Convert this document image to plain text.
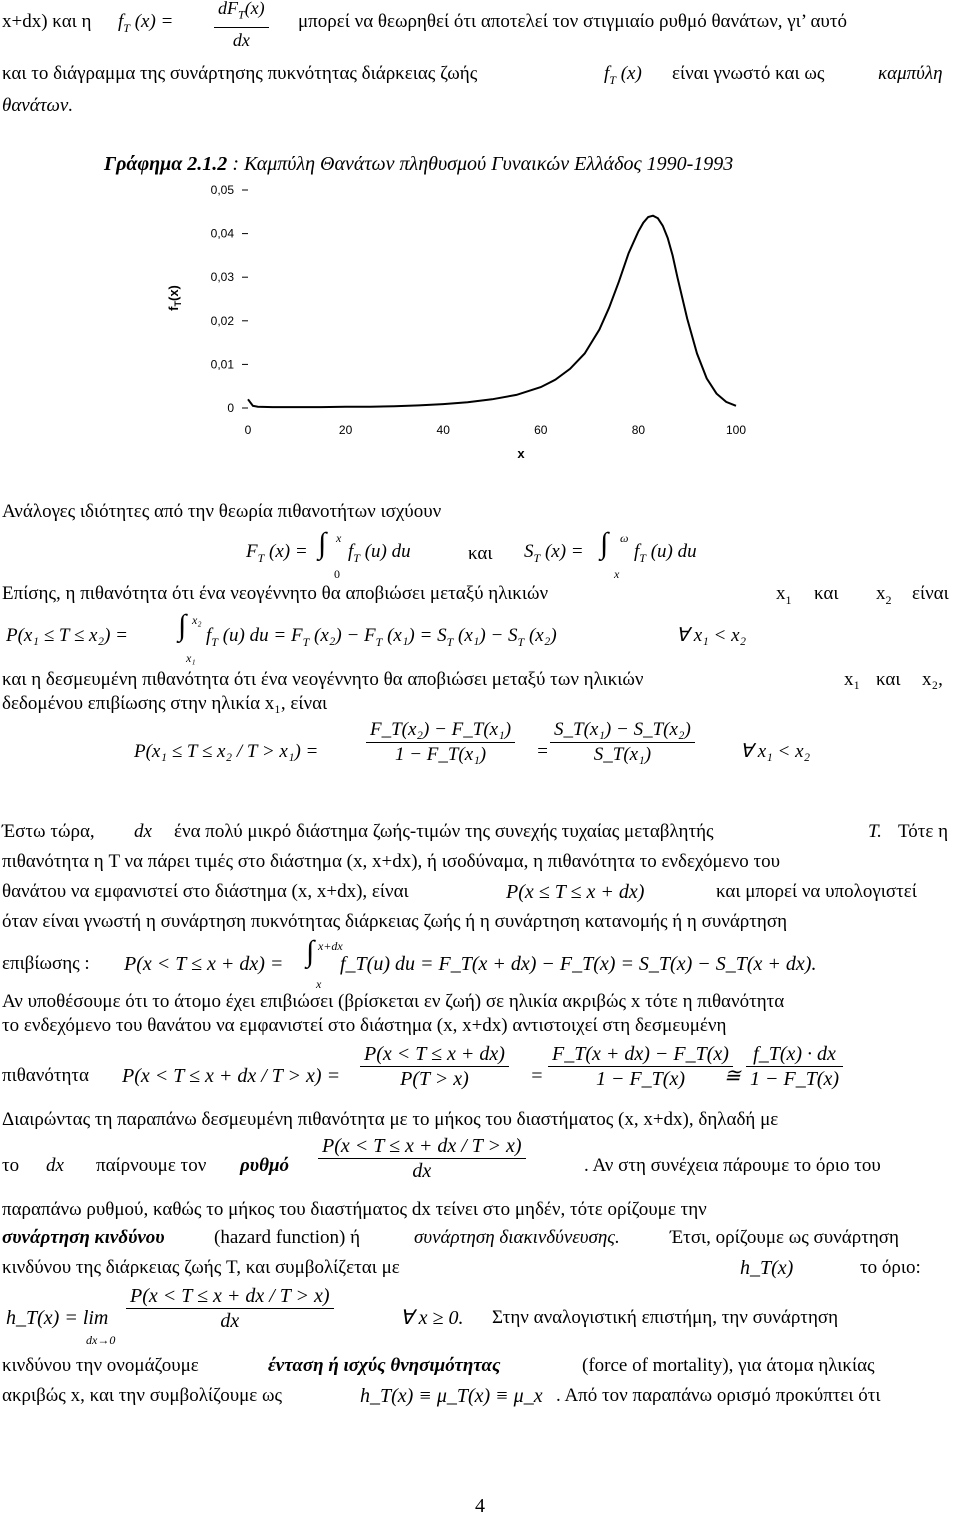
x+dx) και η $f_T$ $(x) = \frac{dF_T(x)}{dx}$ μπορεί να θεωρηθεί ότι αποτελεί τον στιγμιαίο ρυθμό θανάτων, γι’ αυτό
και το διάγραμμα της συνάρτησης πυκνότητας διάρκειας ζωής	$f_T$ (x) είναι γνωστό και ως	καμπύλη
θανάτων.
Γράφημα 2.1.2 : Καμπύλη Θανάτων πληθυσμού Γυναικών Ελλάδος 1990-1993
0
0,01
0,02
0,03
0,04
0,05
0	20	40	60	80	100
$f_T(x)$
x
Ανάλογες ιδιότητες από την θεωρία πιθανοτήτων ισχύουν
$F_T$ (x) = ∫ x
0
$f_T$ (u) du	και $S_T$ (x) = ∫ ω
x
$f_T$ (u) du
Επίσης, η πιθανότητα ότι ένα νεογέννητο θα αποβιώσει μεταξύ ηλικιών	$x_1$ και $x_2$ είναι
P(x₁ ≤ T ≤ x₂) = ∫ x₂
x₁
$f_T$ (u) du = $F_T$ $(x_2) - F_T$ $(x_1) = S_T$ $(x_1) - S_T$ (x₂)	∀ x₁ < x₂
και η δεσμευμένη πιθανότητα ότι ένα νεογέννητο θα αποβιώσει μεταξύ των ηλικιών	x₁ και x₂,
δεδομένου επιβίωσης στην ηλικία x₁, είναι
P(x₁ ≤ T ≤ x₂ / T > x₁) =	$\frac{\text{F\_T(x₂) − F\_T(x₁)}}{\text{1 − F\_T(x₁)}} = \frac{\text{S\_T(x₁) − S\_T(x₂)}}{\text{S\_T(x₁)}}$ ∀ x₁ < x₂
Έστω τώρα, dx ένα πολύ μικρό διάστημα ζωής-τιμών της συνεχής τυχαίας μεταβλητής	T. Τότε η
πιθανότητα η T να πάρει τιμές στο διάστημα (x, x+dx), ή ισοδύναμα, η πιθανότητα το ενδεχόμενο του
θανάτου να εμφανιστεί στο διάστημα (x, x+dx), είναι	P(x ≤ T ≤ x + dx)	και μπορεί να υπολογιστεί
όταν είναι γνωστή η συνάρτηση πυκνότητας διάρκειας ζωής ή η συνάρτηση κατανομής ή η συνάρτηση
επιβίωσης : P(x < T ≤ x + dx) = ∫ x+dx
x
f_T(u) du = F_T(x + dx) − F_T(x) = S_T(x) − S_T(x + dx).
Αν υποθέσουμε ότι το άτομο έχει επιβιώσει (βρίσκεται εν ζωή) σε ηλικία ακριβώς x τότε η πιθανότητα
το ενδεχόμενο του θανάτου να εμφανιστεί στο διάστημα (x, x+dx) αντιστοιχεί στη δεσμευμένη
πιθανότητα P(x < T ≤ x + dx / $T > x) = \frac{P(x < T \le x + dx)}{P(T > x)} = \frac{F\_T(x + dx) - F\_T(x)}{1 - F\_T(x)}$
≅ $\frac{f\_T(x) \cdot dx}{1 - F\_T(x)}$
Διαιρώντας τη παραπάνω δεσμευμένη πιθανότητα με το μήκος του διαστήματος (x, x+dx), δηλαδή με
το dx παίρνουμε τον ρυθμό $\frac{P(x < T \le x + dx / T > x)}{dx}$	. Αν στη συνέχεια πάρουμε το όριο του
παραπάνω ρυθμού, καθώς το μήκος του διαστήματος dx τείνει στο μηδέν, τότε ορίζουμε την
συνάρτηση κινδύνου	(hazard function) ή	συνάρτηση διακινδύνευσης.	Έτσι, ορίζουμε ως συνάρτηση
κινδύνου της διάρκειας ζωής T, και συμβολίζεται με	h_T(x)	το όριο:
h_T(x) = lim
dx→0
$\frac{P(x < T \le x + dx / T > x)}{dx}$	∀ x ≥ 0. Στην αναλογιστική επιστήμη, την συνάρτηση
κινδύνου την ονομάζουμε	ένταση ή ισχύς θνησιμότητας	(force of mortality), για άτομα ηλικίας
ακριβώς x, και την συμβολίζουμε ως	h_T(x) ≡ μ_T(x) ≡ μ_x . Από τον παραπάνω ορισμό προκύπτει ότι
4
